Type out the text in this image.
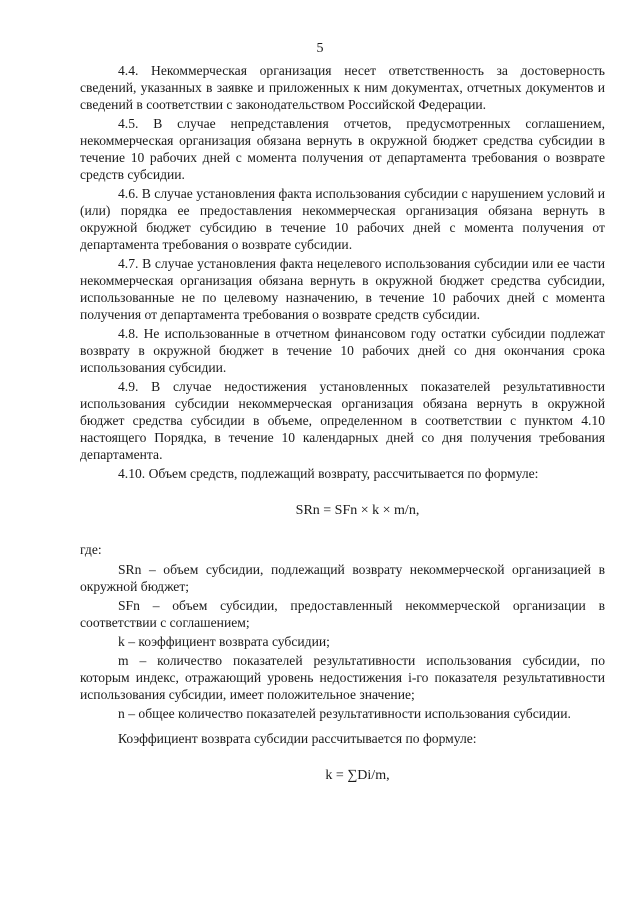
5

4.4. Некоммерческая организация несет ответственность за достоверность сведений, указанных в заявке и приложенных к ним документах, отчетных документов и сведений в соответствии с законодательством Российской Федерации.

4.5. В случае непредставления отчетов, предусмотренных соглашением, некоммерческая организация обязана вернуть в окружной бюджет средства субсидии в течение 10 рабочих дней с момента получения от департамента требования о возврате средств субсидии.

4.6. В случае установления факта использования субсидии с нарушением условий и (или) порядка ее предоставления некоммерческая организация обязана вернуть в окружной бюджет субсидию в течение 10 рабочих дней с момента получения от департамента требования о возврате субсидии.

4.7. В случае установления факта нецелевого использования субсидии или ее части некоммерческая организация обязана вернуть в окружной бюджет средства субсидии, использованные не по целевому назначению, в течение 10 рабочих дней с момента получения от департамента требования о возврате средств субсидии.

4.8. Не использованные в отчетном финансовом году остатки субсидии подлежат возврату в окружной бюджет в течение 10 рабочих дней со дня окончания срока использования субсидии.

4.9. В случае недостижения установленных показателей результативности использования субсидии некоммерческая организация обязана вернуть в окружной бюджет средства субсидии в объеме, определенном в соответствии с пунктом 4.10 настоящего Порядка, в течение 10 календарных дней со дня получения требования департамента.

4.10. Объем средств, подлежащий возврату, рассчитывается по формуле:

SRn = SFn × k × m/n,

где:

SRn – объем субсидии, подлежащий возврату некоммерческой организацией в окружной бюджет;

SFn – объем субсидии, предоставленный некоммерческой организации в соответствии с соглашением;

k – коэффициент возврата субсидии;

m – количество показателей результативности использования субсидии, по которым индекс, отражающий уровень недостижения i-го показателя результативности использования субсидии, имеет положительное значение;

n – общее количество показателей результативности использования субсидии.

Коэффициент возврата субсидии рассчитывается по формуле:

k = ∑Di/m,
